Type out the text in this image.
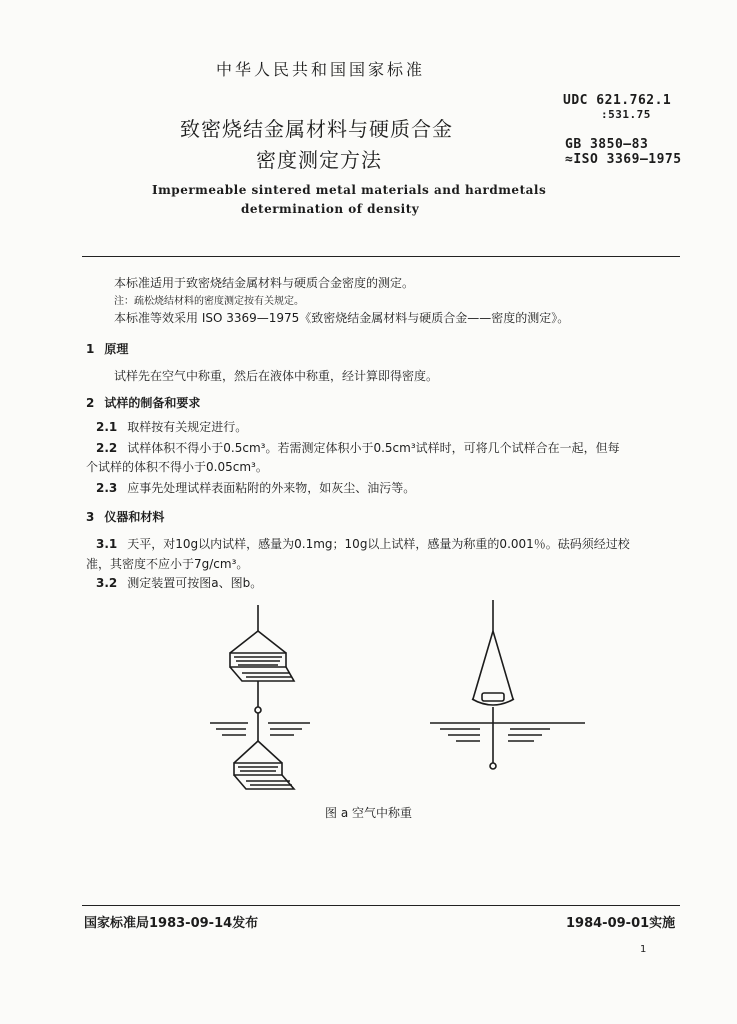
中华人民共和国国家标准
致密烧结金属材料与硬质合金
密度测定方法
UDC 621.762.1
:531.75
GB 3850—83
≈ISO 3369—1975
Impermeable sintered metal materials and hardmetals
determination of density
本标准适用于致密烧结金属材料与硬质合金密度的测定。
注：疏松烧结材料的密度测定按有关规定。
本标准等效采用 ISO 3369—1975《致密烧结金属材料与硬质合金——密度的测定》。
1 原理
试样先在空气中称重，然后在液体中称重，经计算即得密度。
2 试样的制备和要求
2.1 取样按有关规定进行。
2.2 试样体积不得小于0.5cm³。若需测定体积小于0.5cm³试样时，可将几个试样合在一起，但每
个试样的体积不得小于0.05cm³。
2.3 应事先处理试样表面粘附的外来物，如灰尘、油污等。
3 仪器和材料
3.1 天平，对10g以内试样，感量为0.1mg；10g以上试样，感量为称重的0.001％。砝码须经过校
准，其密度不应小于7g/cm³。
3.2 测定装置可按图a、图b。
图 a 空气中称重
国家标准局1983-09-14发布	1984-09-01实施
1
